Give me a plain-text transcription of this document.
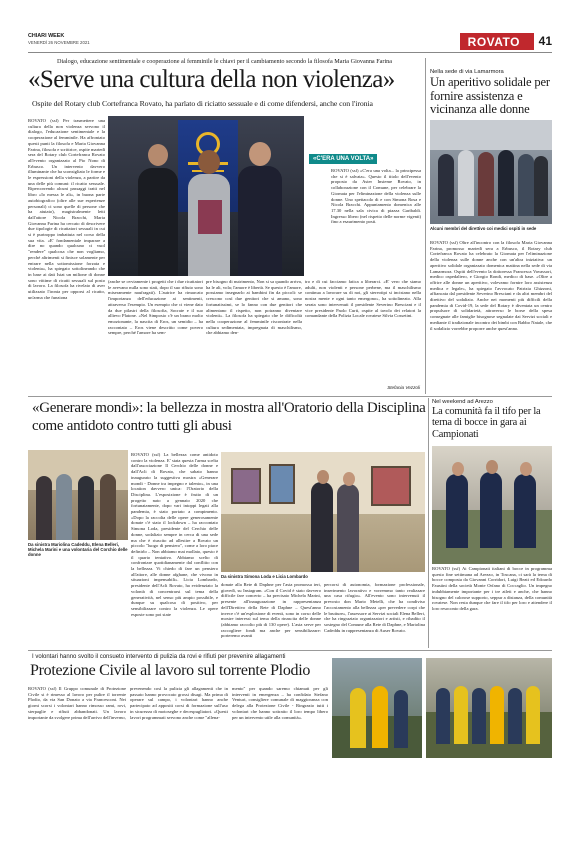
CHIARI WEEK
VENERDÌ 26 NOVEMBRE 2021	ROVATO 41
Dialogo, educazione sentimentale e cooperazione al femminile le chiavi per il cambiamento secondo la filosofa Maria Giovanna Farina
«Serve una cultura della non violenza»
Ospite del Rotary club Cortefranca Rovato, ha parlato di riciatto sessuale e di come difendersi, anche con l'ironia
ROVATO (ssf) Per trasmettere una cultura della non violenza servono il dialogo, l'educazione sentimentale e la cooperazione al femminile. Ha affrontato questi punti la filosofa e Maria Giovanna Farina, filosofa e scrittrice, ospite martedì sera del Rotary club Cortefranca Rovato all'evento organizzato al Pio Nono di Erbusco. Un intervento davvero illuminante che ha sconsigliato le forme e le espressioni della violenza, a partire da una delle più comuni: il ricatto sessuale. Ripercorrendo alcuni passaggi tratti nel libro «Io messa le ali», in buona parte autobiografico (oltre alle sue esperienze personali) ci sono quelle di persone che ha aiutato), magistralmente letti dall'attore Nicola Bracchi, Maria Giovanna Farina ha cercato di descrivere due tipologie di ricattatori sessuali in cui si è purtroppo imbattuta nel corso della sua vita. «E' fondamentale imparare a dire no quando qualcuno ci vuol "rendere" qualcosa che non vogliamo, perché altrimenti si finisce solamente per entrare nella sottomissione forzata e violenta», ha spiegato sottolineando che in base ai dati Istat un milione di donne sono vittime di ricatti sessuali sul posto di lavoro. La filosofa ha rivelato di aver utilizzato l'ironia per opporsi al ricatto, un'arma che funziona
(anche se ovviamente i progetti che i due ricattatori le avevano nulla sono stati, dopo il suo rifiuto sono miseramente naufragati). L'autrice ha rimarcato l'importanza dell'educazione ai sentimenti, attraverso l'esempio. Un esempio che ci viene dato da due pilastri della filosofia, Socrate e il suo allievo Platone. «Nel Simposio c'è un brano molto emozionante, la nascita di Eros, un semidio – ha raccontato – Eros viene descritto come povero sempre, perché l'amore ha sem-
pre bisogno di nutrimento, Non si sa quando arriva, ha le ali, vola; l'amore è libertà. Se questo è l'amore, possiamo insegnarlo ai bambini fin da piccoli: se crescono così due genitori che si amano, sono fortunatissimi, se lo fanno con due genitori che alimentano il rispetto, non potranno diventare violenti». La filosofa ha spiegato che le difficoltà nella cooperazione al femminile riscontrate nella cultura sedimentata, impregnata di maschilismo, che abbiamo den-
«C'ERA UNA VOLTA»
ROVATO (ssf) «C'era una volta... la principessa che si è salvata». Questo il titolo dell'evento proposto da Aster Insieme Rovato, in collaborazione con il Comune, per celebrare la Giornata per l'eliminazione della violenza sulle donne. Uno spettacolo di e con Simona Rosa e Nicola Bracchi. Appuntamento domenica alle 17.30 nella sala civica di piazza Garibaldi. Ingresso libero (nel rispetto delle norme vigenti) fino a esaurimento posti.
tro e di cui facciamo fatica a liberarci. «E' vero che siamo adulti, non violenti e persone perbene, ma il maschilismo continua a lavorare su di noi, gli stereotipi si incistano nella nostra mente e ogni tanto emergono», ha sottolineato. Alla serata sono intervenuti il presidente Severino Bresciani e il vice presidente Paolo Curti, ospite al tavolo dei relatori la comandante della Polizia Locale rovatese Silvia Cossetini.
Stefania Vezzoli
Nella sede di via Lamarmora
Un aperitivo solidale per fornire assistenza e vicinanza alle donne
Alcuni membri del direttivo coi medici ospiti in sede
ROVATO (ssf) Oltre all'incontro con la filosofa Maria Giovanna Farina, promosso martedì sera a Erbusco, il Rotary club Cortefranca Rovato ha celebrato la Giornata per l'eliminazione della violenza sulle donne anche con un'altra iniziativa: un aperitivo solidale organizzato domenica mattina nella sede di via Lamarmora. Ospiti dell'evento la dottoressa Francesca Vavassori, medico ospedaliero, e Giorgio Rondi, medico di base. «Oltre a offrire alle donne un aperitivo, volevamo fornire loro assistenza medica e legale», ha spiegato l'avvocato Patrizia Ghizzoni, affiancata dal presidente Severino Bresciani e da altri membri del direttivo del sodalizio. Anche nei momenti più difficili della pandemia di Covid-19, la sede del Rotary è diventata un centro propulsore di solidarietà, attraverso le borse della spesa consegnate alle famiglie bisognose segnalate dai Servizi sociali e mediante il tradizionale incontro dei bimbi con Babbo Natale, che il sodalizio vorrebbe proporre anche quest'anno.
«Generare mondi»: la bellezza in mostra all'Oratorio della Disciplina come antidoto contro tutti gli abusi
Da sinistra Mariolina Cadeddu, Elena Belleri, Michela Marini e una volontaria del Corchio delle donne
ROVATO (ssf) La bellezza come antidoto contro la violenza. E' stata questa l'arma scelta dall'associazione Il Cerchio delle donne e dall'Acli di Rovato, che sabato hanno inaugurato la suggestiva mostra «Generare mondi - Donne tra impegno e talento», in una location davvero unica: l'Oratorio della Disciplina. L'esposizione è frutto di un progetto nato a gennaio 2020 che fortunatamente, dopo vari intoppi legati alla pandemia, è stato portato a compimento. «Dopo la raccolta delle opere generosamente donate c'è stato il lockdown – ha raccontato Simona Loda, presidente del Cerchio delle donne, sodalizio sempre in cerca di una sede ma che è riuscito ad allestire a Rovato un piccolo "luogo di pensiero", come a loro piace definirlo – Non abbiamo mai mollato, questo è il quarto tentativo. Abbiamo scelto di confrontare quotidianamente dal conflitto con la bellezza. Vi chiedo di fare un pensiero all'attore, alle donne afghane, che vivono in situazioni impensabili». Licia Lombardo, presidente dell'Acli Rovato, ha evidenziato la volontà di concentrarsi sul tema della generatività, nel senso più ampio possibile, e dunque su qualcosa di positivo, per sensibilizzare contro la violenza. Le opere esposte sono poi state
Da sinistra Simona Loda e Licia Lombardo
donate alla Rete di Daphne per l'asta promossa ieri, giovedì, su Instagram. «Con il Covid è stato davvero difficile fare concerto – ha precisato Michela Marini, presente all'inaugurazione in rappresentanza dell'Direttivo della Rete di Daphne – Quest'anno invece c'è un'esplosione di eventi, sono in corso delle mostre interessi sul tema della rinascita delle donne (abbiamo raccolto più di 130 opere). L'asta serve per raccogliere fondi ma anche per sensibilizzare: porteremo avanti
percorsi di autonomia, formazione professionale, inserimento lavorativo e vorremmo tanto realizzare una casa rifugio». All'evento sono intervenuti il prevosto don Mario Metelli, che ha condiviso l'accostamento alla bellezza «per prevedere corpi che le brutture», l'assessore ai Servizi sociali Elena Belleri, che ha ringraziato organizzatori e artisti, e ribadito il sostegno del Comune alla Rete di Daphne, e Mariolina Cadeddu in rappresentanza di Auser Rovato.
Nel weekend ad Arezzo
La comunità fa il tifo per la terna di bocce in gara ai Campionati
ROVATO (ssf) Ai Campionati italiani di bocce in programma questo fine settimana ad Arezzo, in Toscana, ci sarà la terna di bocce composta da Giovanni Corridori, Luigi Beati ed Edoardo Faustini della società Monte Orfano di Coccaglio. Un impegno indubbiamente importante per i tre atleti e anche, che hanno bisogno del calorose supporto, seppur a distanza, della comunità rovatese. Non resta dunque che fare il tifo per loro e attendere il loro resoconto della gara.
I volontari hanno svolto il consueto intervento di pulizia da rovi e rifiuti per prevenire allagamenti
Protezione Civile al lavoro sul torrente Plodio
ROVATO (ssf) Il Gruppo comunale di Protezione Civile si è rimesso al lavoro per pulire il torrente Plodio, da via San Donato a via Francesconi. Nei giorni scorsi i volontari hanno rimosso rami, rovi, sterpaglie e rifiuti abbandonati. Un lavoro importante da svolgere prima dell'arrivo dell'inverno,
prevenendo così la pulizia gli allagamenti che in passato hanno provocato grossi disagi. Ma prima di operare sul campo, i volontari hanno anche partecipato ad appositi corsi di formazione sull'uso in sicurezza di motoseghe e decespugliatori. «Questi lavori programmati servono anche come "allena-
mento" per quando saremo chiamati per gli interventi in emergenza – ha confidato Stefano Venturi, consigliere comunale di maggioranza con delega alla Protezione Civile - Ringrazio tutti i volontari che hanno sottratto il loro tempo libero per un intervento utile alla comunità».
